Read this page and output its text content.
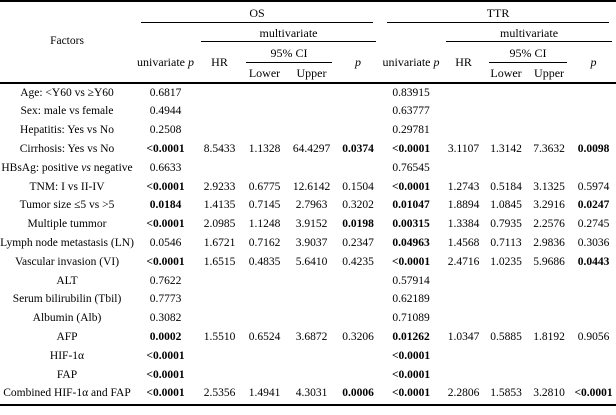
Factors	OS					TTR				
		multivariate					multivariate			
	univariate p	HR	95% CI		p	univariate p	HR	95% CI		p
			Lower	Upper				Lower	Upper	
Age: <Y60 vs ≥Y60	0.6817					0.83915				
Sex: male vs female	0.4944					0.63777				
Hepatitis: Yes vs No	0.2508					0.29781				
Cirrhosis: Yes vs No	<0.0001	8.5433	1.1328	64.4297	0.0374	<0.0001	3.1107	1.3142	7.3632	0.0098
HBsAg: positive vs negative	0.6633					0.76545				
TNM: I vs II-IV	<0.0001	2.9233	0.6775	12.6142	0.1504	<0.0001	1.2743	0.5184	3.1325	0.5974
Tumor size ≤5 vs >5	0.0184	1.4135	0.7145	2.7963	0.3202	0.01047	1.8894	1.0845	3.2916	0.0247
Multiple tummor	<0.0001	2.0985	1.1248	3.9152	0.0198	0.00315	1.3384	0.7935	2.2576	0.2745
Lymph node metastasis (LN)	0.0546	1.6721	0.7162	3.9037	0.2347	0.04963	1.4568	0.7113	2.9836	0.3036
Vascular invasion (VI)	<0.0001	1.6515	0.4835	5.6410	0.4235	<0.0001	2.4716	1.0235	5.9686	0.0443
ALT	0.7622					0.57914				
Serum bilirubilin (Tbil)	0.7773					0.62189				
Albumin (Alb)	0.3082					0.71089				
AFP	0.0002	1.5510	0.6524	3.6872	0.3206	0.01262	1.0347	0.5885	1.8192	0.9056
HIF-1α	<0.0001					<0.0001				
FAP	<0.0001					<0.0001				
Combined HIF-1α and FAP	<0.0001	2.5356	1.4941	4.3031	0.0006	<0.0001	2.2806	1.5853	3.2810	<0.0001
